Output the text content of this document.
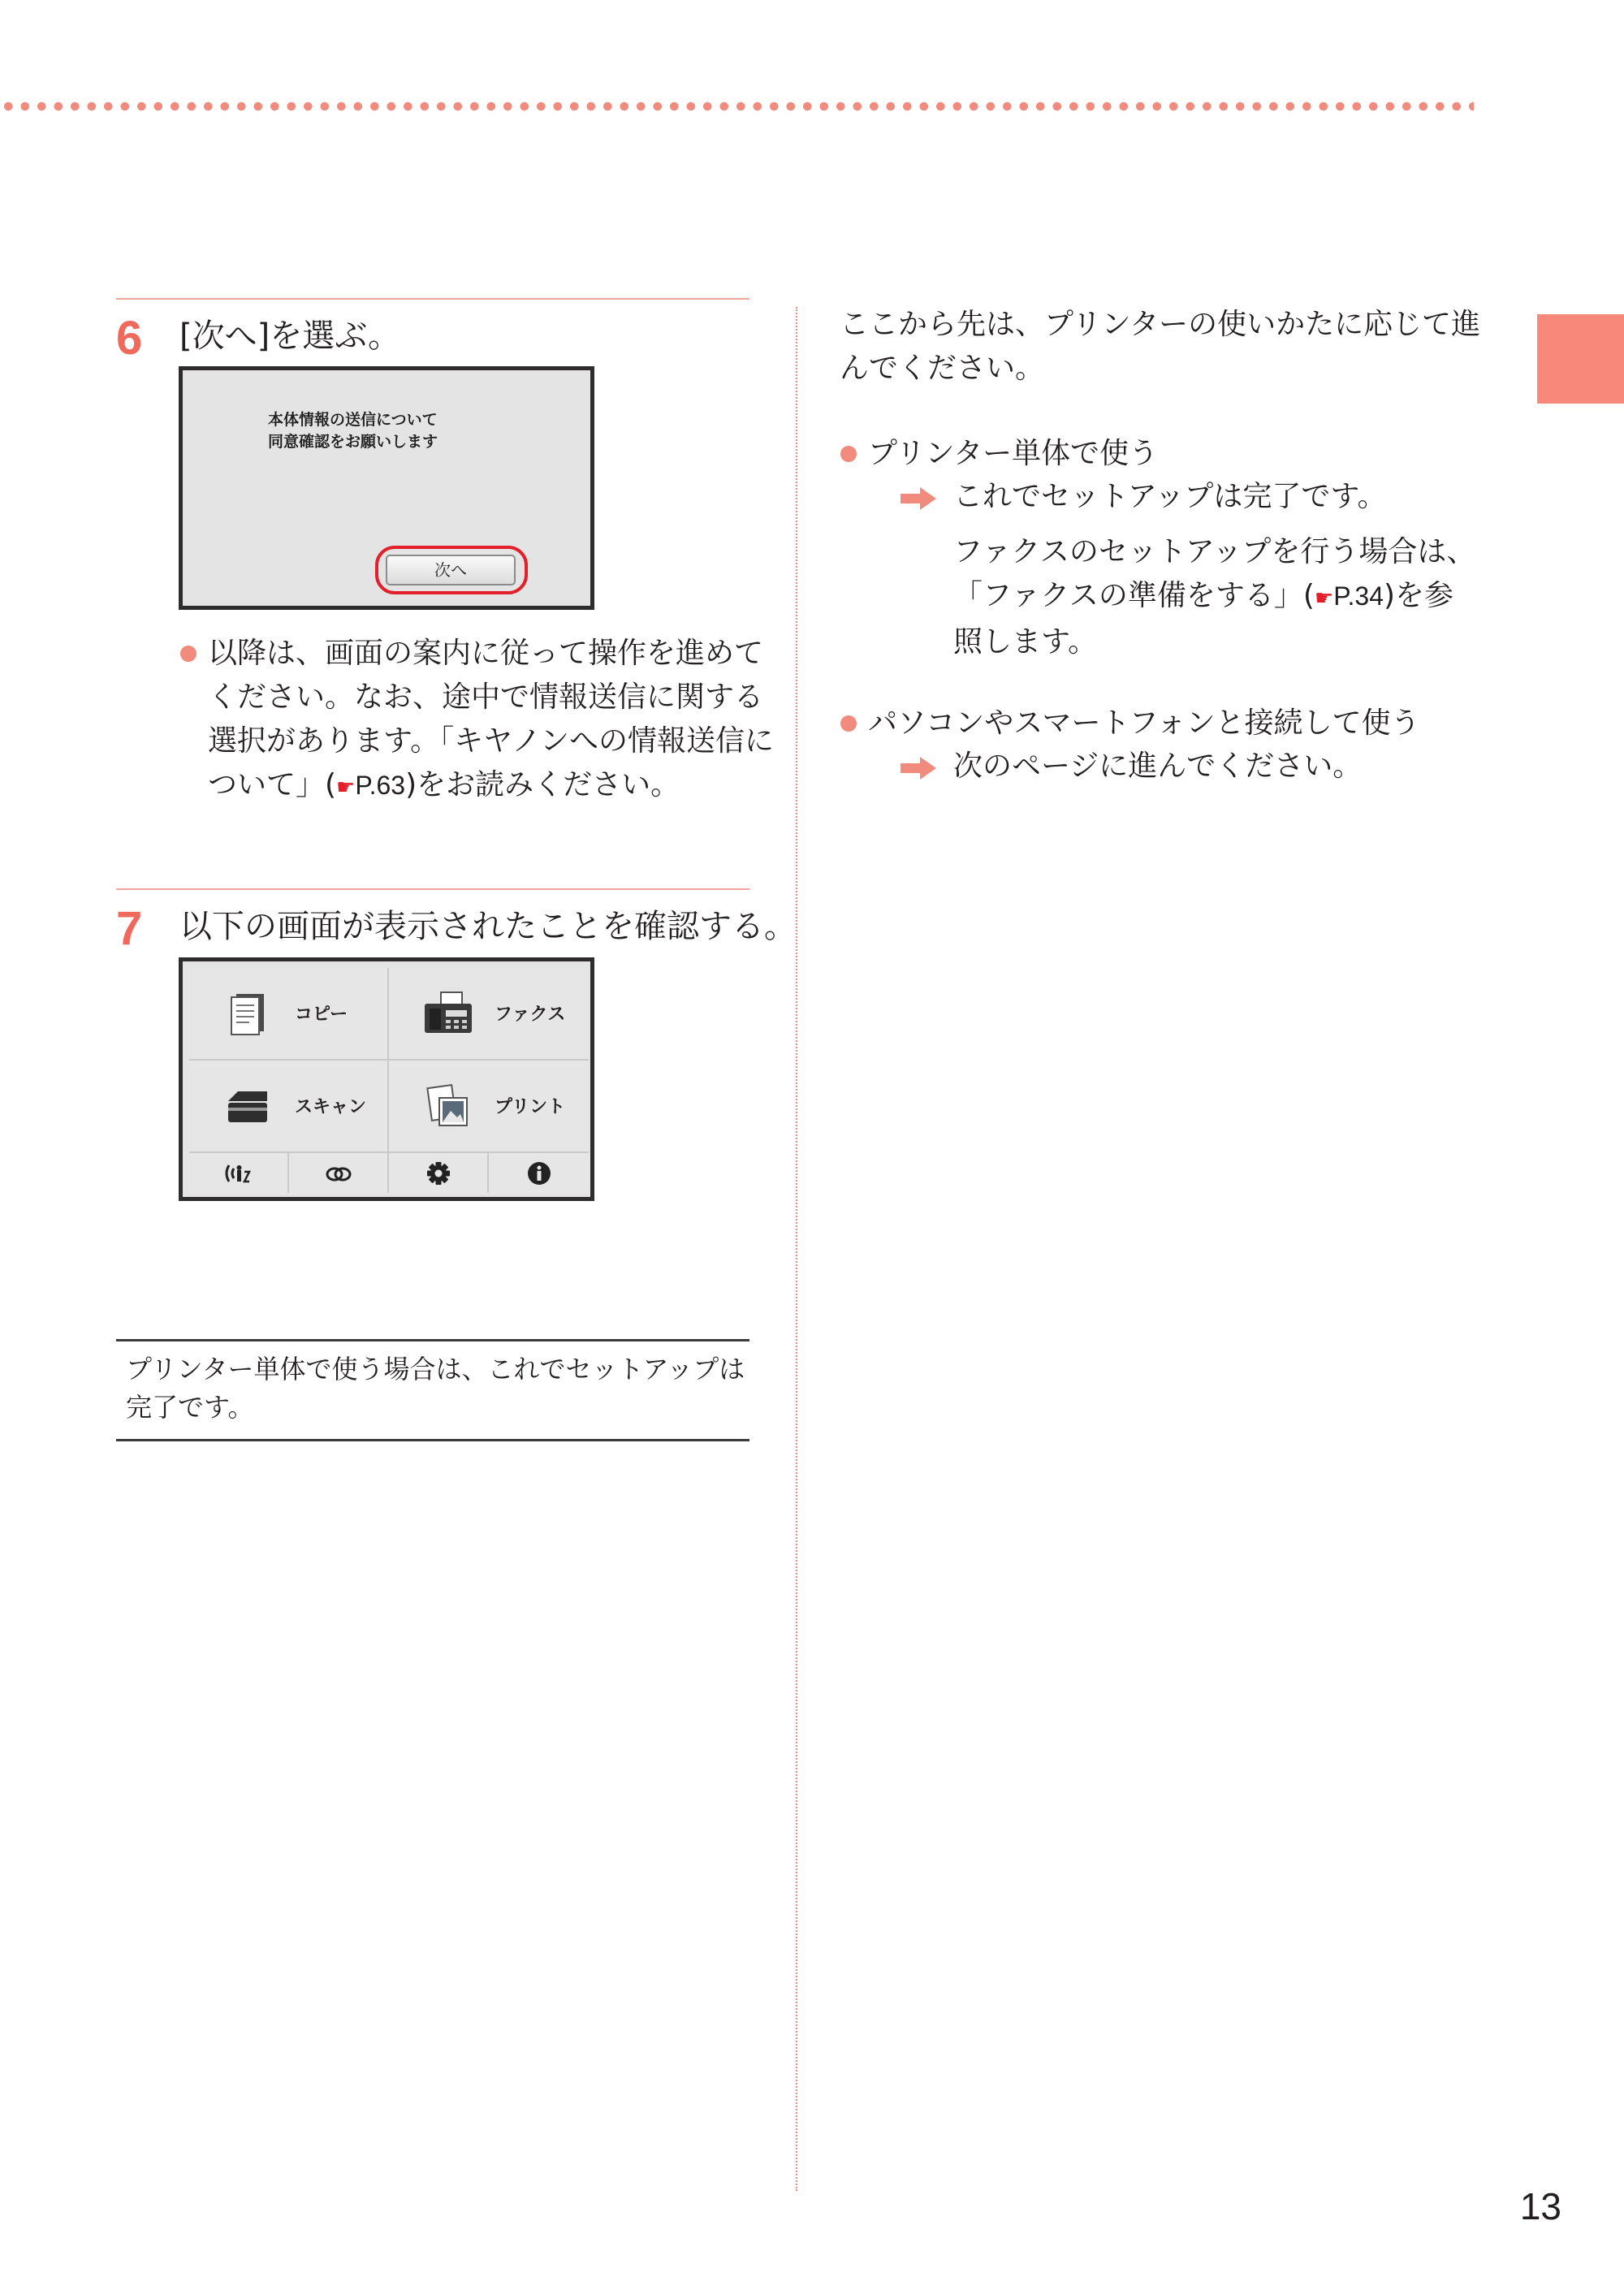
6 [次へ]を選ぶ。
本体情報の送信について
同意確認をお願いします
次へ
以降は、画面の案内に従って操作を進めて
ください。なお、途中で情報送信に関する
選択があります。「キヤノンへの情報送信に
ついて」(☛P.63)をお読みください。
7 以下の画面が表示されたことを確認する。
コピー	ファクス
スキャン	プリント
プリンター単体で使う場合は、これでセットアップは
完了です。
ここから先は、プリンターの使いかたに応じて進
んでください。
プリンター単体で使う
これでセットアップは完了です。
ファクスのセットアップを行う場合は、
「ファクスの準備をする」(☛P.34)を参
照します。
パソコンやスマートフォンと接続して使う
次のページに進んでください。
13
